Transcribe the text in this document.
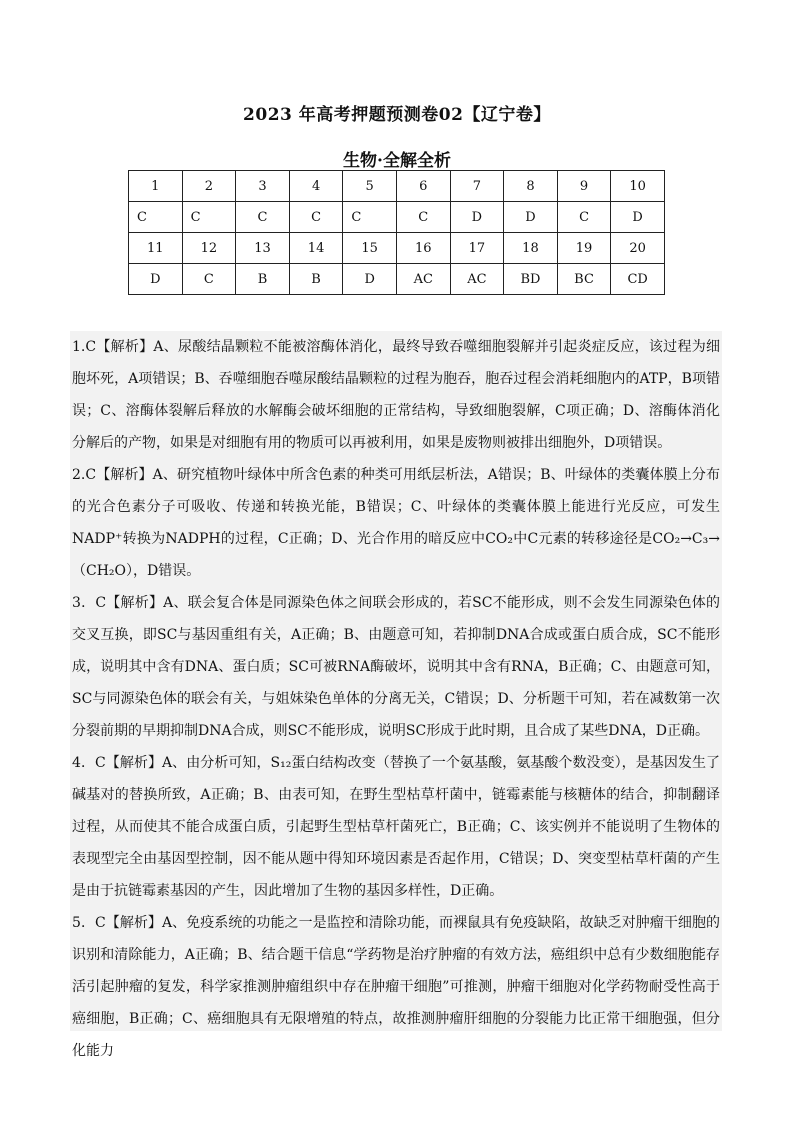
2023 年高考押题预测卷02【辽宁卷】
生物·全解全析
1	2	3	4	5	6	7	8	9	10
C	C	C	C	C	C	D	D	C	D
11	12	13	14	15	16	17	18	19	20
D	C	B	B	D	AC	AC	BD	BC	CD

1.C【解析】A、尿酸结晶颗粒不能被溶酶体消化，最终导致吞噬细胞裂解并引起炎症反应，该过程为细胞坏死，A项错误；B、吞噬细胞吞噬尿酸结晶颗粒的过程为胞吞，胞吞过程会消耗细胞内的ATP，B项错误；C、溶酶体裂解后释放的水解酶会破坏细胞的正常结构，导致细胞裂解，C项正确；D、溶酶体消化分解后的产物，如果是对细胞有用的物质可以再被利用，如果是废物则被排出细胞外，D项错误。

2.C【解析】A、研究植物叶绿体中所含色素的种类可用纸层析法，A错误；B、叶绿体的类囊体膜上分布的光合色素分子可吸收、传递和转换光能，B错误；C、叶绿体的类囊体膜上能进行光反应，可发生NADP⁺转换为NADPH的过程，C正确；D、光合作用的暗反应中CO₂中C元素的转移途径是CO₂→C₃→（CH₂O），D错误。

3．C【解析】A、联会复合体是同源染色体之间联会形成的，若SC不能形成，则不会发生同源染色体的交叉互换，即SC与基因重组有关，A正确；B、由题意可知，若抑制DNA合成或蛋白质合成，SC不能形成，说明其中含有DNA、蛋白质；SC可被RNA酶破坏，说明其中含有RNA，B正确；C、由题意可知，SC与同源染色体的联会有关，与姐妹染色单体的分离无关，C错误；D、分析题干可知，若在减数第一次分裂前期的早期抑制DNA合成，则SC不能形成，说明SC形成于此时期，且合成了某些DNA，D正确。

4．C【解析】A、由分析可知，S₁₂蛋白结构改变（替换了一个氨基酸，氨基酸个数没变），是基因发生了碱基对的替换所致，A正确；B、由表可知，在野生型枯草杆菌中，链霉素能与核糖体的结合，抑制翻译过程，从而使其不能合成蛋白质，引起野生型枯草杆菌死亡，B正确；C、该实例并不能说明了生物体的表现型完全由基因型控制，因不能从题中得知环境因素是否起作用，C错误；D、突变型枯草杆菌的产生是由于抗链霉素基因的产生，因此增加了生物的基因多样性，D正确。

5．C【解析】A、免疫系统的功能之一是监控和清除功能，而裸鼠具有免疫缺陷，故缺乏对肿瘤干细胞的识别和清除能力，A正确；B、结合题干信息“学药物是治疗肿瘤的有效方法，癌组织中总有少数细胞能存活引起肿瘤的复发，科学家推测肿瘤组织中存在肿瘤干细胞”可推测，肿瘤干细胞对化学药物耐受性高于癌细胞，B正确；C、癌细胞具有无限增殖的特点，故推测肿瘤肝细胞的分裂能力比正常干细胞强，但分化能力
